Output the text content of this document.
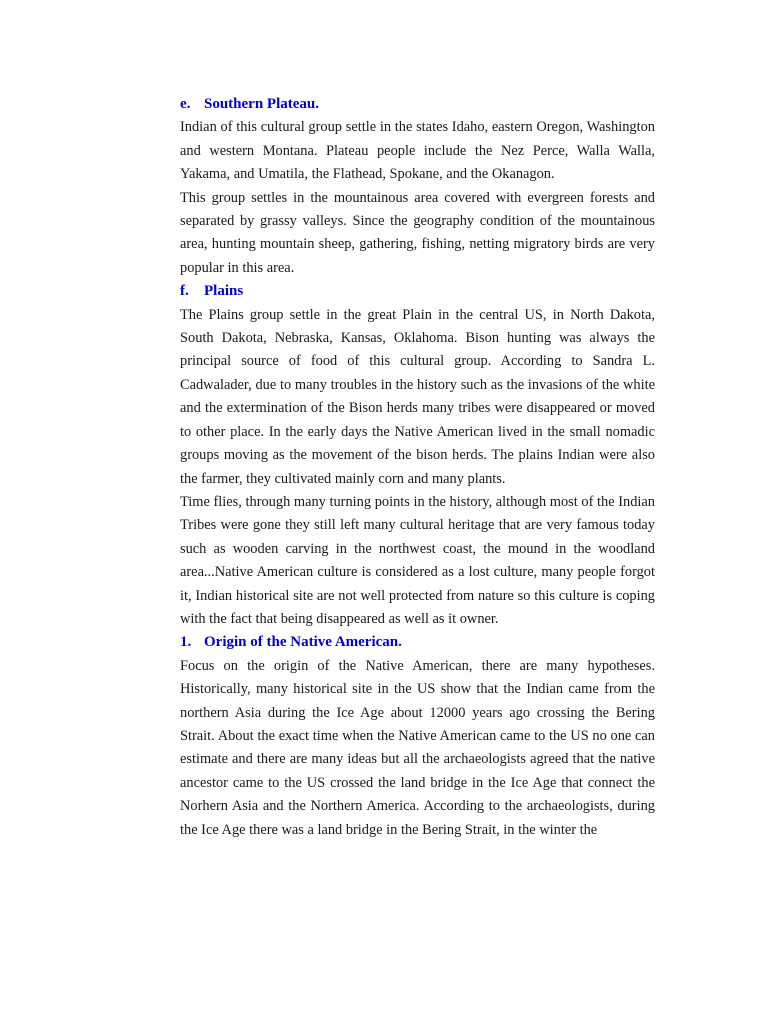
e. Southern Plateau.

Indian of this cultural group settle in the states Idaho, eastern Oregon, Washington and western Montana. Plateau people include the Nez Perce, Walla Walla, Yakama, and Umatila, the Flathead, Spokane, and the Okanagon.

This group settles in the mountainous area covered with evergreen forests and separated by grassy valleys. Since the geography condition of the mountainous area, hunting mountain sheep, gathering, fishing, netting migratory birds are very popular in this area.

f. Plains

The Plains group settle in the great Plain in the central US, in North Dakota, South Dakota, Nebraska, Kansas, Oklahoma. Bison hunting was always the principal source of food of this cultural group. According to Sandra L. Cadwalader, due to many troubles in the history such as the invasions of the white and the extermination of the Bison herds many tribes were disappeared or moved to other place. In the early days the Native American lived in the small nomadic groups moving as the movement of the bison herds. The plains Indian were also the farmer, they cultivated mainly corn and many plants.

Time flies, through many turning points in the history, although most of the Indian Tribes were gone they still left many cultural heritage that are very famous today such as wooden carving in the northwest coast, the mound in the woodland area...Native American culture is considered as a lost culture, many people forgot it, Indian historical site are not well protected from nature so this culture is coping with the fact that being disappeared as well as it owner.

1. Origin of the Native American.

Focus on the origin of the Native American, there are many hypotheses. Historically, many historical site in the US show that the Indian came from the northern Asia during the Ice Age about 12000 years ago crossing the Bering Strait. About the exact time when the Native American came to the US no one can estimate and there are many ideas but all the archaeologists agreed that the native ancestor came to the US crossed the land bridge in the Ice Age that connect the Norhern Asia and the Northern America. According to the archaeologists, during the Ice Age there was a land bridge in the Bering Strait, in the winter the
